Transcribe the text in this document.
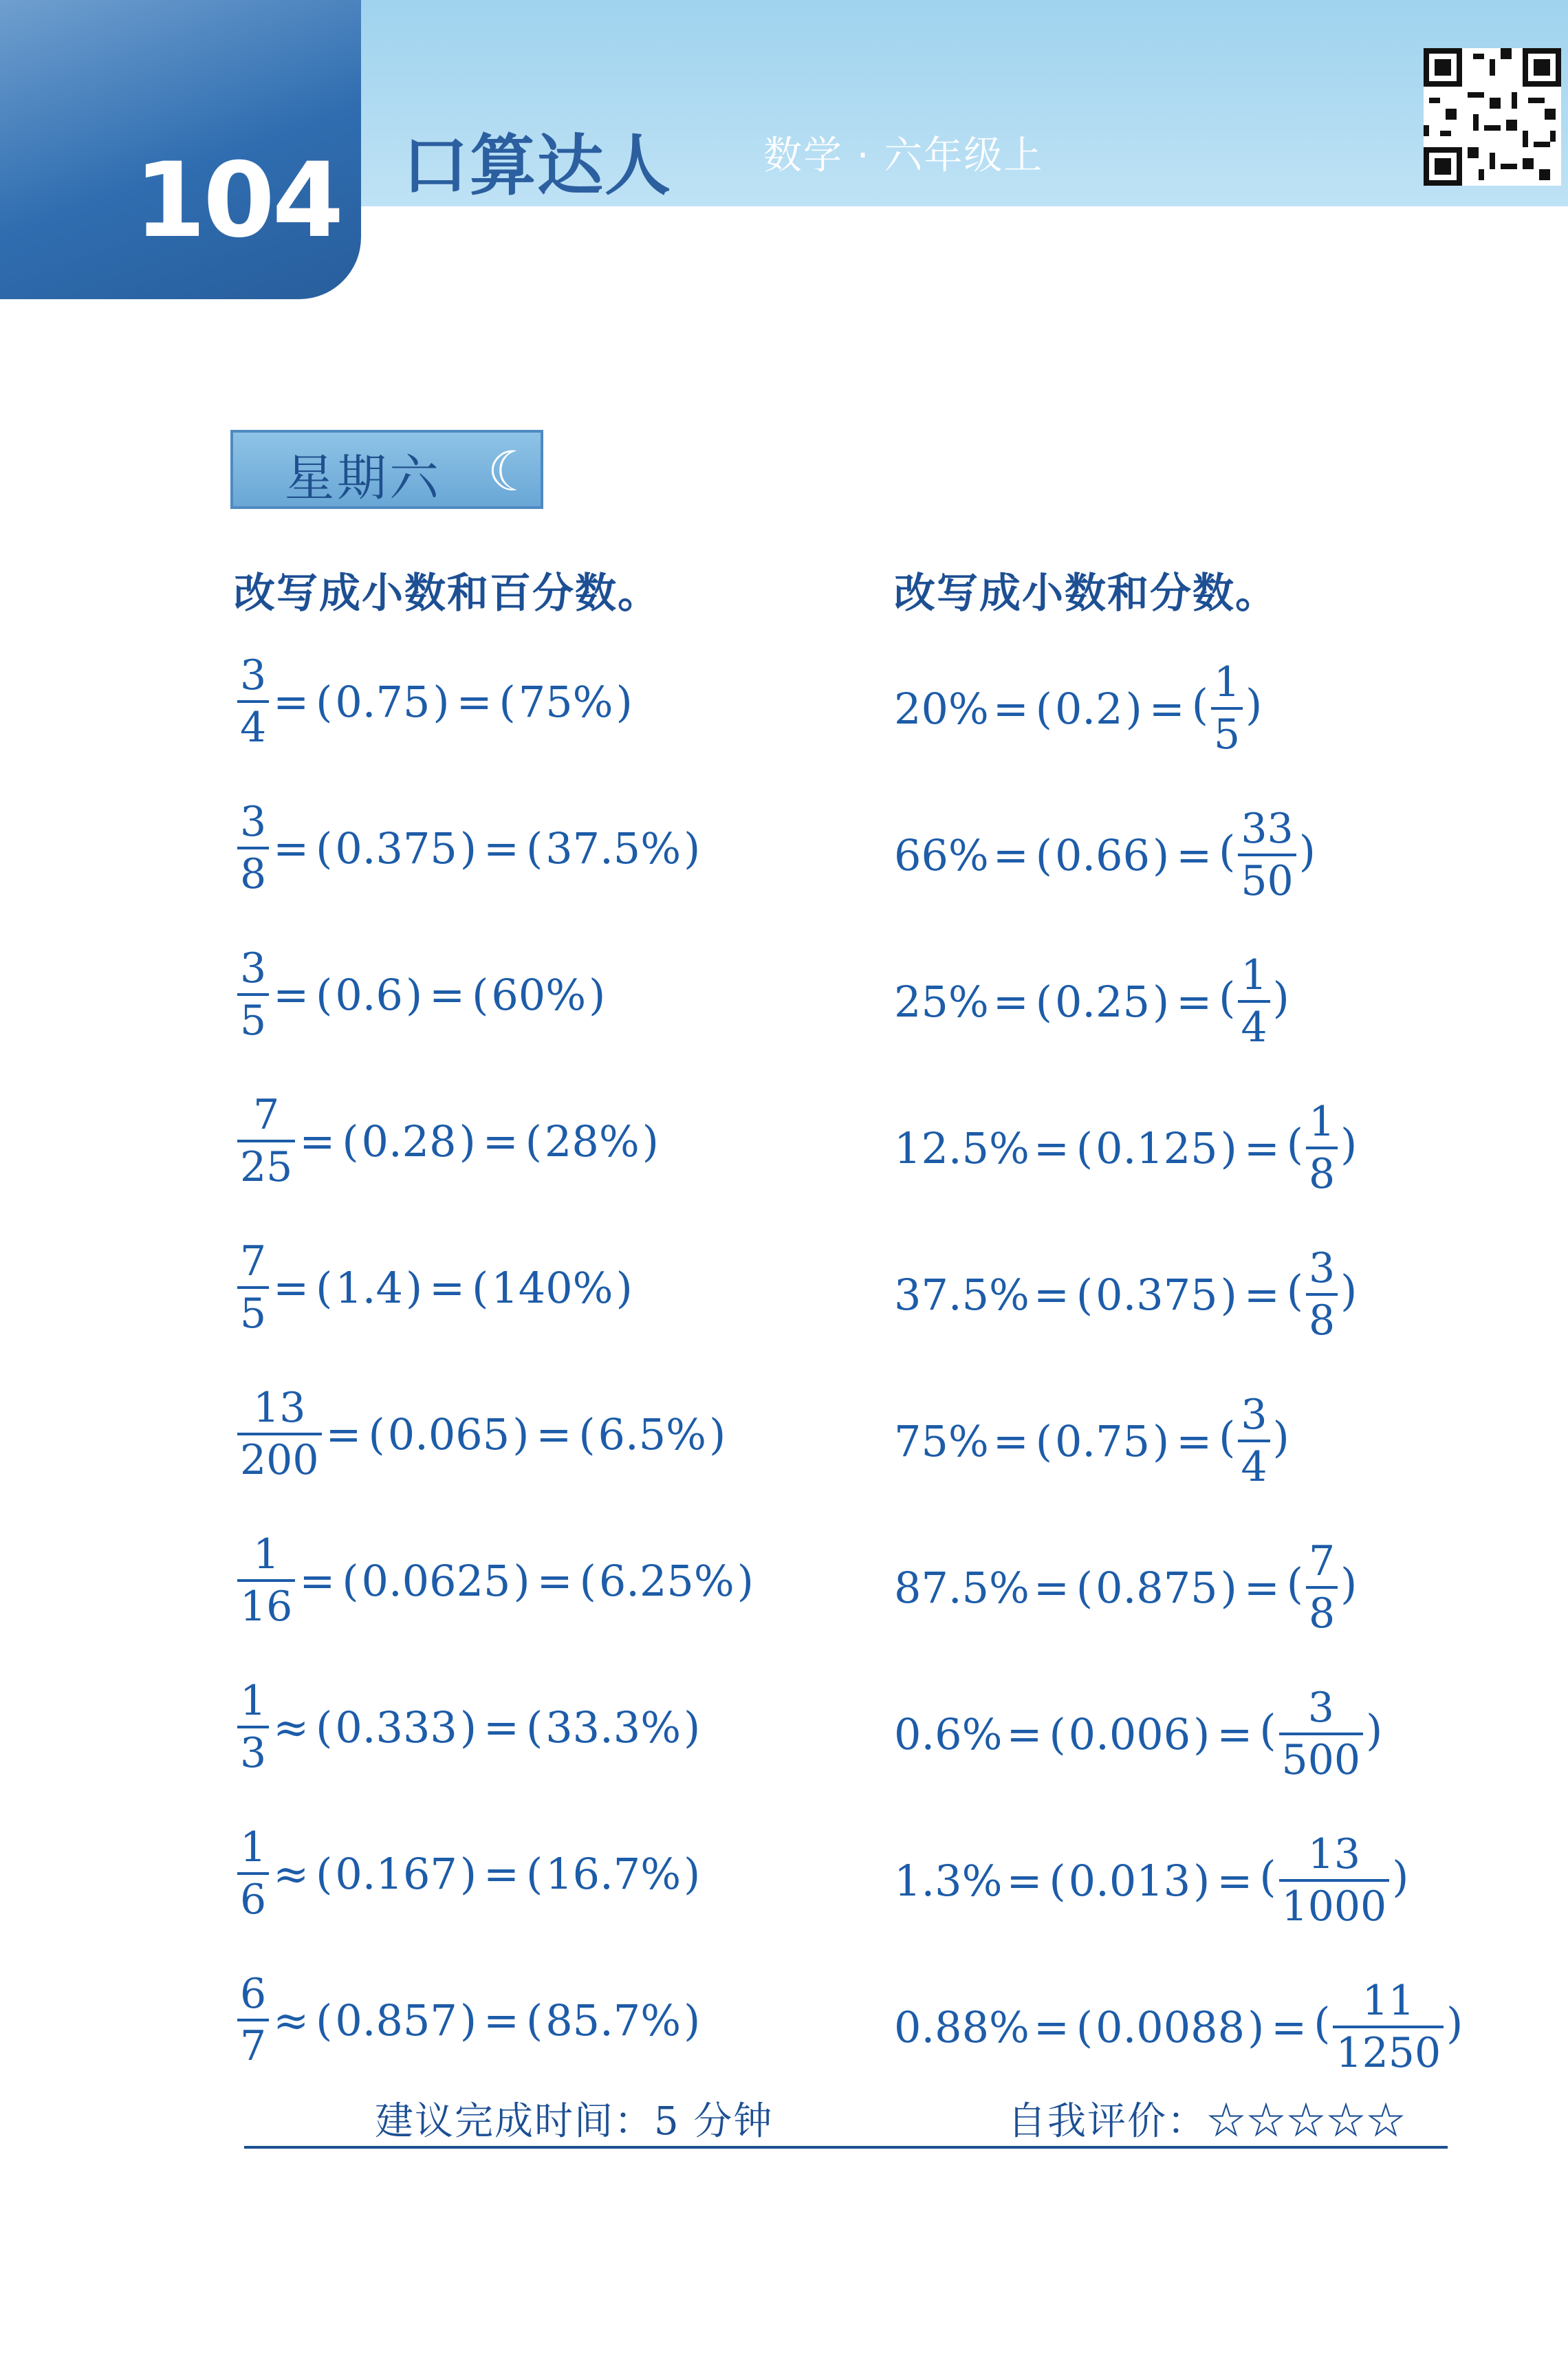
104 口算达人 数学 · 六年级上
星期六 ☾
改写成小数和百分数。	改写成小数和分数。
$\frac{3}{4} = (0.75) = (75\%)$
$\frac{3}{8} = (0.375) = (37.5\%)$
$\frac{3}{5} = (0.6) = (60\%)$
$\frac{7}{25} = (0.28) = (28\%)$
$\frac{7}{5} = (1.4) = (140\%)$
$\frac{13}{200} = (0.065) = (6.5\%)$
$\frac{1}{16} = (0.0625) = (6.25\%)$
$\frac{1}{3} \approx (0.333) = (33.3\%)$
$\frac{1}{6} \approx (0.167) = (16.7\%)$
$\frac{6}{7} \approx (0.857) = (85.7\%)$
20% = (0.2) = ( $\frac{1}{5}$ )
66% = (0.66) = ( $\frac{33}{50}$ )
25% = (0.25) = ( $\frac{1}{4}$ )
12.5% = (0.125) = ( $\frac{1}{8}$ )
37.5% = (0.375) = ( $\frac{3}{8}$ )
75% = (0.75) = ( $\frac{3}{4}$ )
87.5% = (0.875) = ( $\frac{7}{8}$ )
0.6% = (0.006) = ( $\frac{3}{500}$ )
1.3% = (0.013) = ( $\frac{13}{1000}$ )
0.88% = (0.0088) = ( $\frac{11}{1250}$ )
建议完成时间：5 分钟	自我评价：☆☆☆☆☆
